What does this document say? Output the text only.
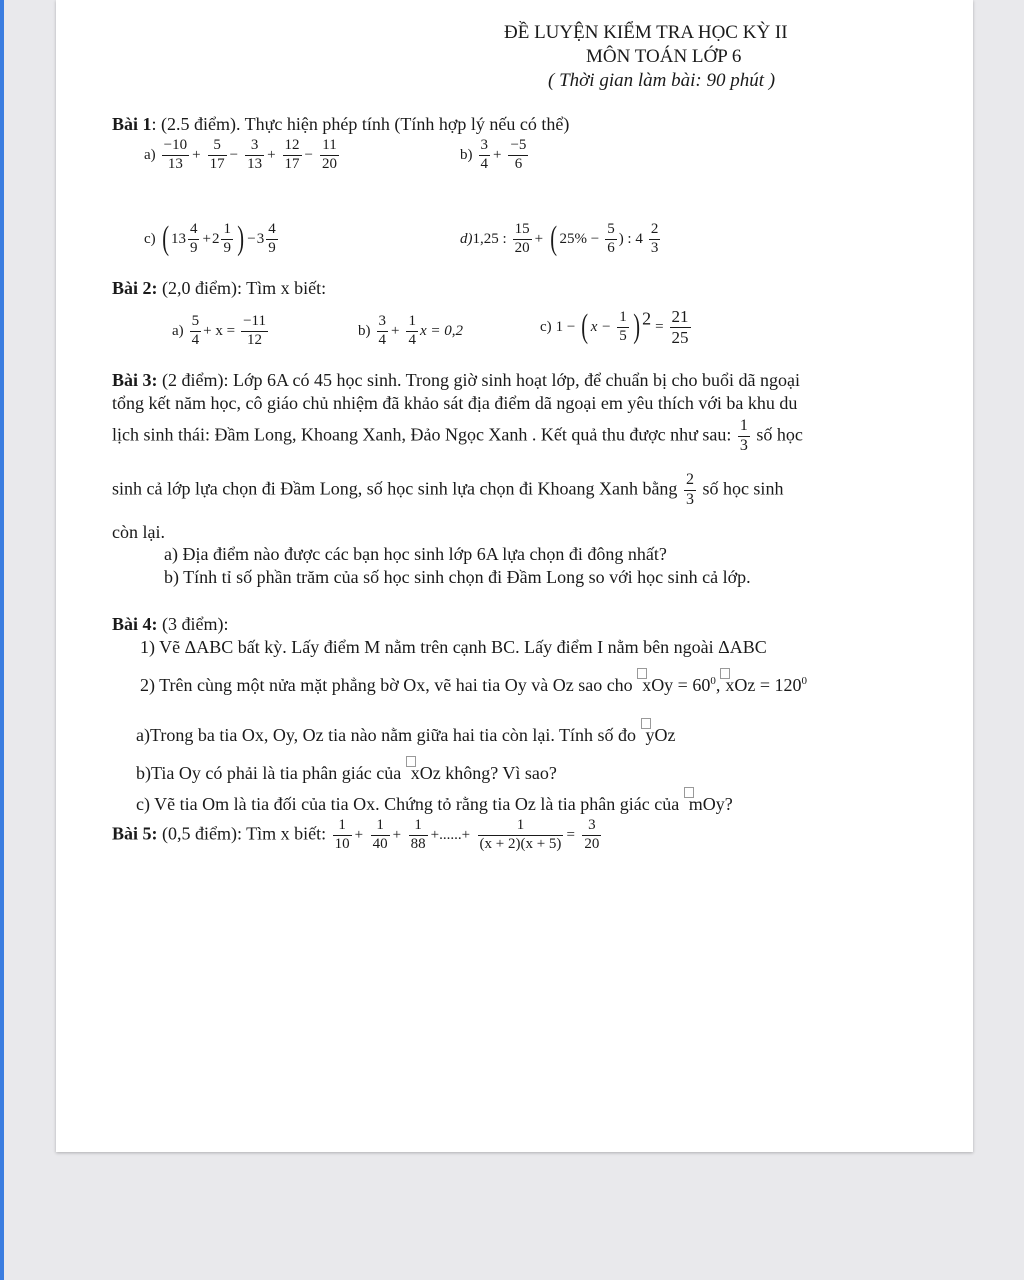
ĐỀ LUYỆN KIỂM TRA HỌC KỲ II
MÔN TOÁN LỚP 6
( Thời gian làm bài: 90 phút )
Bài 1: (2.5 điểm). Thực hiện phép tính (Tính hợp lý nếu có thể)
$a) \frac{-10}{13} + \frac{5}{17} - \frac{3}{13} + \frac{12}{17} - \frac{11}{20}$	$b) \frac{3}{4} + \frac{-5}{6}$
c) ( $13 \frac{4}{9} +2 \frac{1}{9}$ ) $-3 \frac{4}{9}$	d)1,25 : $\frac{15}{20}$ + ( $25\% - \frac{5}{6}$ ) : $4 \frac{2}{3}$
Bài 2: (2,0 điểm): Tìm x biết:
$a) \frac{5}{4} + x = \frac{-11}{12}$	$b) \frac{3}{4} + \frac{1}{4}$ x = 0,2	c) 1 − ( $x - \frac{1}{5}$ ) $2 = \frac{21}{25}$
Bài 3: (2 điểm): Lớp 6A có 45 học sinh. Trong giờ sinh hoạt lớp, để chuẩn bị cho buổi dã ngoại
tổng kết năm học, cô giáo chủ nhiệm đã khảo sát địa điểm dã ngoại em yêu thích với ba khu du
lịch sinh thái: Đầm Long, Khoang Xanh, Đảo Ngọc Xanh . Kết quả thu được như sau: $\frac{1}{3}$ số học
sinh cả lớp lựa chọn đi Đầm Long, số học sinh lựa chọn đi Khoang Xanh bằng $\frac{2}{3}$ số học sinh
còn lại.
a) Địa điểm nào được các bạn học sinh lớp 6A lựa chọn đi đông nhất?
b) Tính tỉ số phần trăm của số học sinh chọn đi Đầm Long so với học sinh cả lớp.
Bài 4: (3 điểm):
1) Vẽ ΔABC bất kỳ. Lấy điểm M nằm trên cạnh BC. Lấy điểm I nằm bên ngoài ΔABC
2) Trên cùng một nửa mặt phẳng bờ Ox, vẽ hai tia Oy và Oz sao cho xOy = $60^0$, xOz = $120^0$
a)Trong ba tia Ox, Oy, Oz tia nào nằm giữa hai tia còn lại. Tính số đo yOz
b)Tia Oy có phải là tia phân giác của xOz không? Vì sao?
c) Vẽ tia Om là tia đối của tia Ox. Chứng tỏ rằng tia Oz là tia phân giác của mOy?
Bài 5: (0,5 điểm): Tìm x biết: $\frac{1}{10} + \frac{1}{40} + \frac{1}{88}$ +......+ $\frac{1}{(x + 2)(x + 5)} = \frac{3}{20}$
